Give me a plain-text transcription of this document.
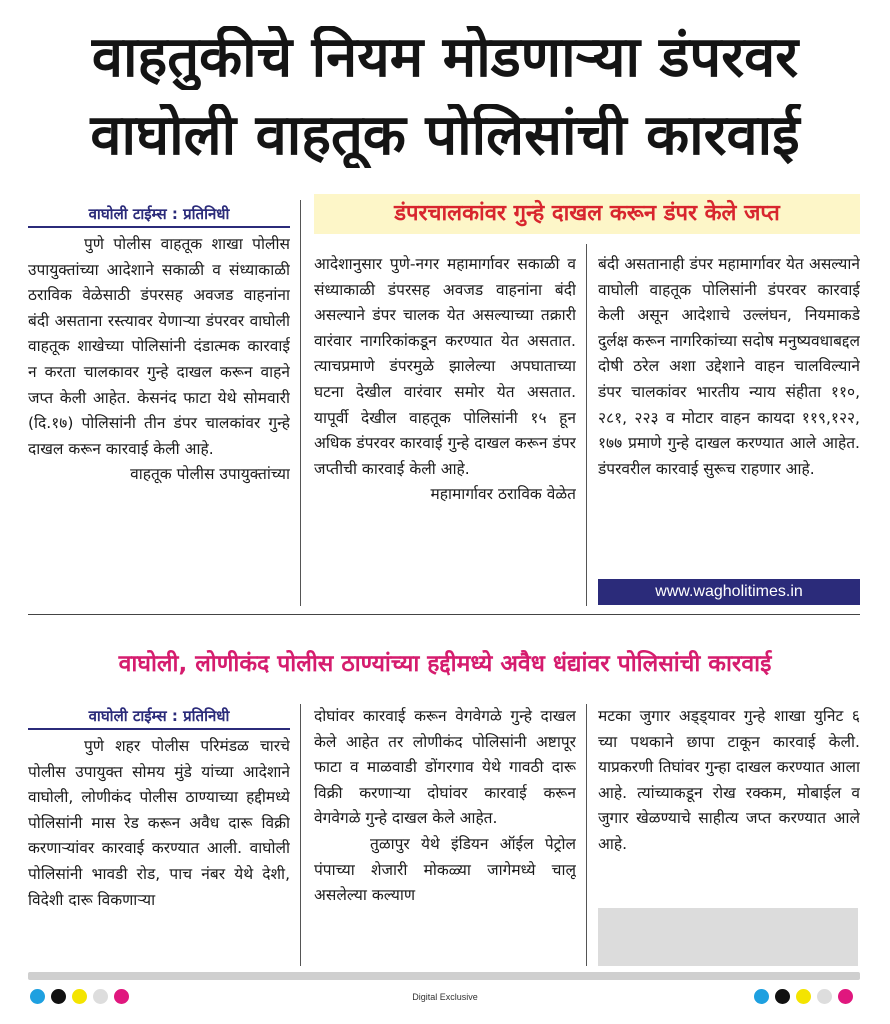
वाहतुकीचे नियम मोडणाऱ्या डंपरवर
वाघोली वाहतूक पोलिसांची कारवाई
डंपरचालकांवर गुन्हे दाखल करून डंपर केले जप्त
वाघोली टाईम्स : प्रतिनिधी

पुणे पोलीस वाहतूक शाखा पोलीस उपायुक्तांच्या आदेशाने सकाळी व संध्याकाळी ठराविक वेळेसाठी डंपरसह अवजड वाहनांना बंदी असताना रस्त्यावर येणाऱ्या डंपरवर वाघोली वाहतूक शाखेच्या पोलिसांनी दंडात्मक कारवाई न करता चालकावर गुन्हे दाखल करून वाहने जप्त केली आहेत. केसनंद फाटा येथे सोमवारी (दि.१७) पोलिसांनी तीन डंपर चालकांवर गुन्हे दाखल करून कारवाई केली आहे.

वाहतूक पोलीस उपायुक्तांच्या

आदेशानुसार पुणे-नगर महामार्गावर सकाळी व संध्याकाळी डंपरसह अवजड वाहनांना बंदी असल्याने डंपर चालक येत असल्याच्या तक्रारी वारंवार नागरिकांकडून करण्यात येत असतात. त्याचप्रमाणे डंपरमुळे झालेल्या अपघाताच्या घटना देखील वारंवार समोर येत असतात. यापूर्वी देखील वाहतूक पोलिसांनी १५ हून अधिक डंपरवर कारवाई गुन्हे दाखल करून डंपर जप्तीची कारवाई केली आहे.

महामार्गावर ठराविक वेळेत

बंदी असतानाही डंपर महामार्गावर येत असल्याने वाघोली वाहतूक पोलिसांनी डंपरवर कारवाई केली असून आदेशाचे उल्लंघन, नियमाकडे दुर्लक्ष करून नागरिकांच्या सदोष मनुष्यवधाबद्दल दोषी ठरेल अशा उद्देशाने वाहन चालविल्याने डंपर चालकांवर भारतीय न्याय संहीता ११०, २८१, २२३ व मोटार वाहन कायदा ११९,१२२, १७७ प्रमाणे गुन्हे दाखल करण्यात आले आहेत. डंपरवरील कारवाई सुरूच राहणार आहे.

www.wagholitimes.in
वाघोली, लोणीकंद पोलीस ठाण्यांच्या हद्दीमध्ये अवैध धंद्यांवर पोलिसांची कारवाई
वाघोली टाईम्स : प्रतिनिधी

पुणे शहर पोलीस परिमंडळ चारचे पोलीस उपायुक्त सोमय मुंडे यांच्या आदेशाने वाघोली, लोणीकंद पोलीस ठाण्याच्या हद्दीमध्ये पोलिसांनी मास रेड करून अवैध दारू विक्री करणाऱ्यांवर कारवाई करण्यात आली. वाघोली पोलिसांनी भावडी रोड, पाच नंबर येथे देशी, विदेशी दारू विकणाऱ्या

दोघांवर कारवाई करून वेगवेगळे गुन्हे दाखल केले आहेत तर लोणीकंद पोलिसांनी अष्टापूर फाटा व माळवाडी डोंगरगाव येथे गावठी दारू विक्री करणाऱ्या दोघांवर कारवाई करून वेगवेगळे गुन्हे दाखल केले आहेत.

तुळापुर येथे इंडियन ऑईल पेट्रोल पंपाच्या शेजारी मोकळ्या जागेमध्ये चालू असलेल्या कल्याण

मटका जुगार अड्ड्यावर गुन्हे शाखा युनिट ६ च्या पथकाने छापा टाकून कारवाई केली. याप्रकरणी तिघांवर गुन्हा दाखल करण्यात आला आहे. त्यांच्याकडून रोख रक्कम, मोबाईल व जुगार खेळण्याचे साहीत्य जप्त करण्यात आले आहे.

Digital Exclusive
